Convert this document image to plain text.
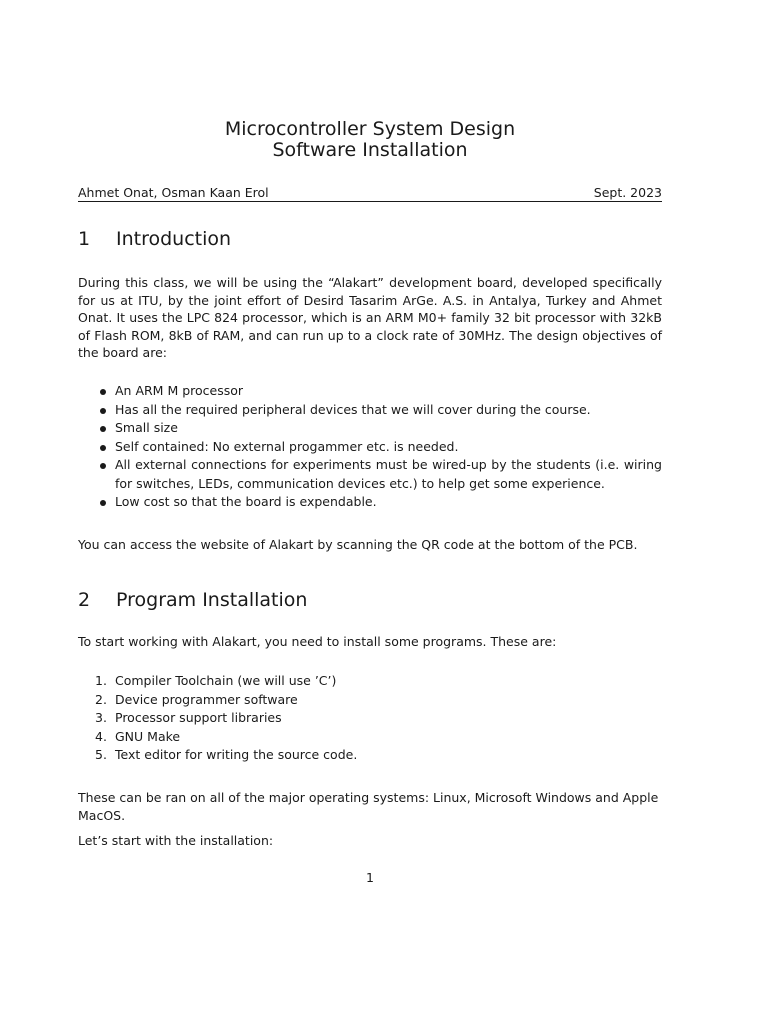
Microcontroller System Design
Software Installation
Ahmet Onat, Osman Kaan Erol	Sept. 2023
1 Introduction

During this class, we will be using the “Alakart” development board, developed specifically for us at ITU, by the joint effort of Desird Tasarim ArGe. A.S. in Antalya, Turkey and Ahmet Onat. It uses the LPC 824 processor, which is an ARM M0+ family 32 bit processor with 32kB of Flash ROM, 8kB of RAM, and can run up to a clock rate of 30MHz. The design objectives of the board are:

An ARM M processor
Has all the required peripheral devices that we will cover during the course.
Small size
Self contained: No external progammer etc. is needed.
All external connections for experiments must be wired-up by the students (i.e. wiring for switches, LEDs, communication devices etc.) to help get some experience.
Low cost so that the board is expendable.

You can access the website of Alakart by scanning the QR code at the bottom of the PCB.

2 Program Installation

To start working with Alakart, you need to install some programs. These are:

1. Compiler Toolchain (we will use ’C’)
2. Device programmer software
3. Processor support libraries
4. GNU Make
5. Text editor for writing the source code.

These can be ran on all of the major operating systems: Linux, Microsoft Windows and Apple MacOS.

Let’s start with the installation:

1
